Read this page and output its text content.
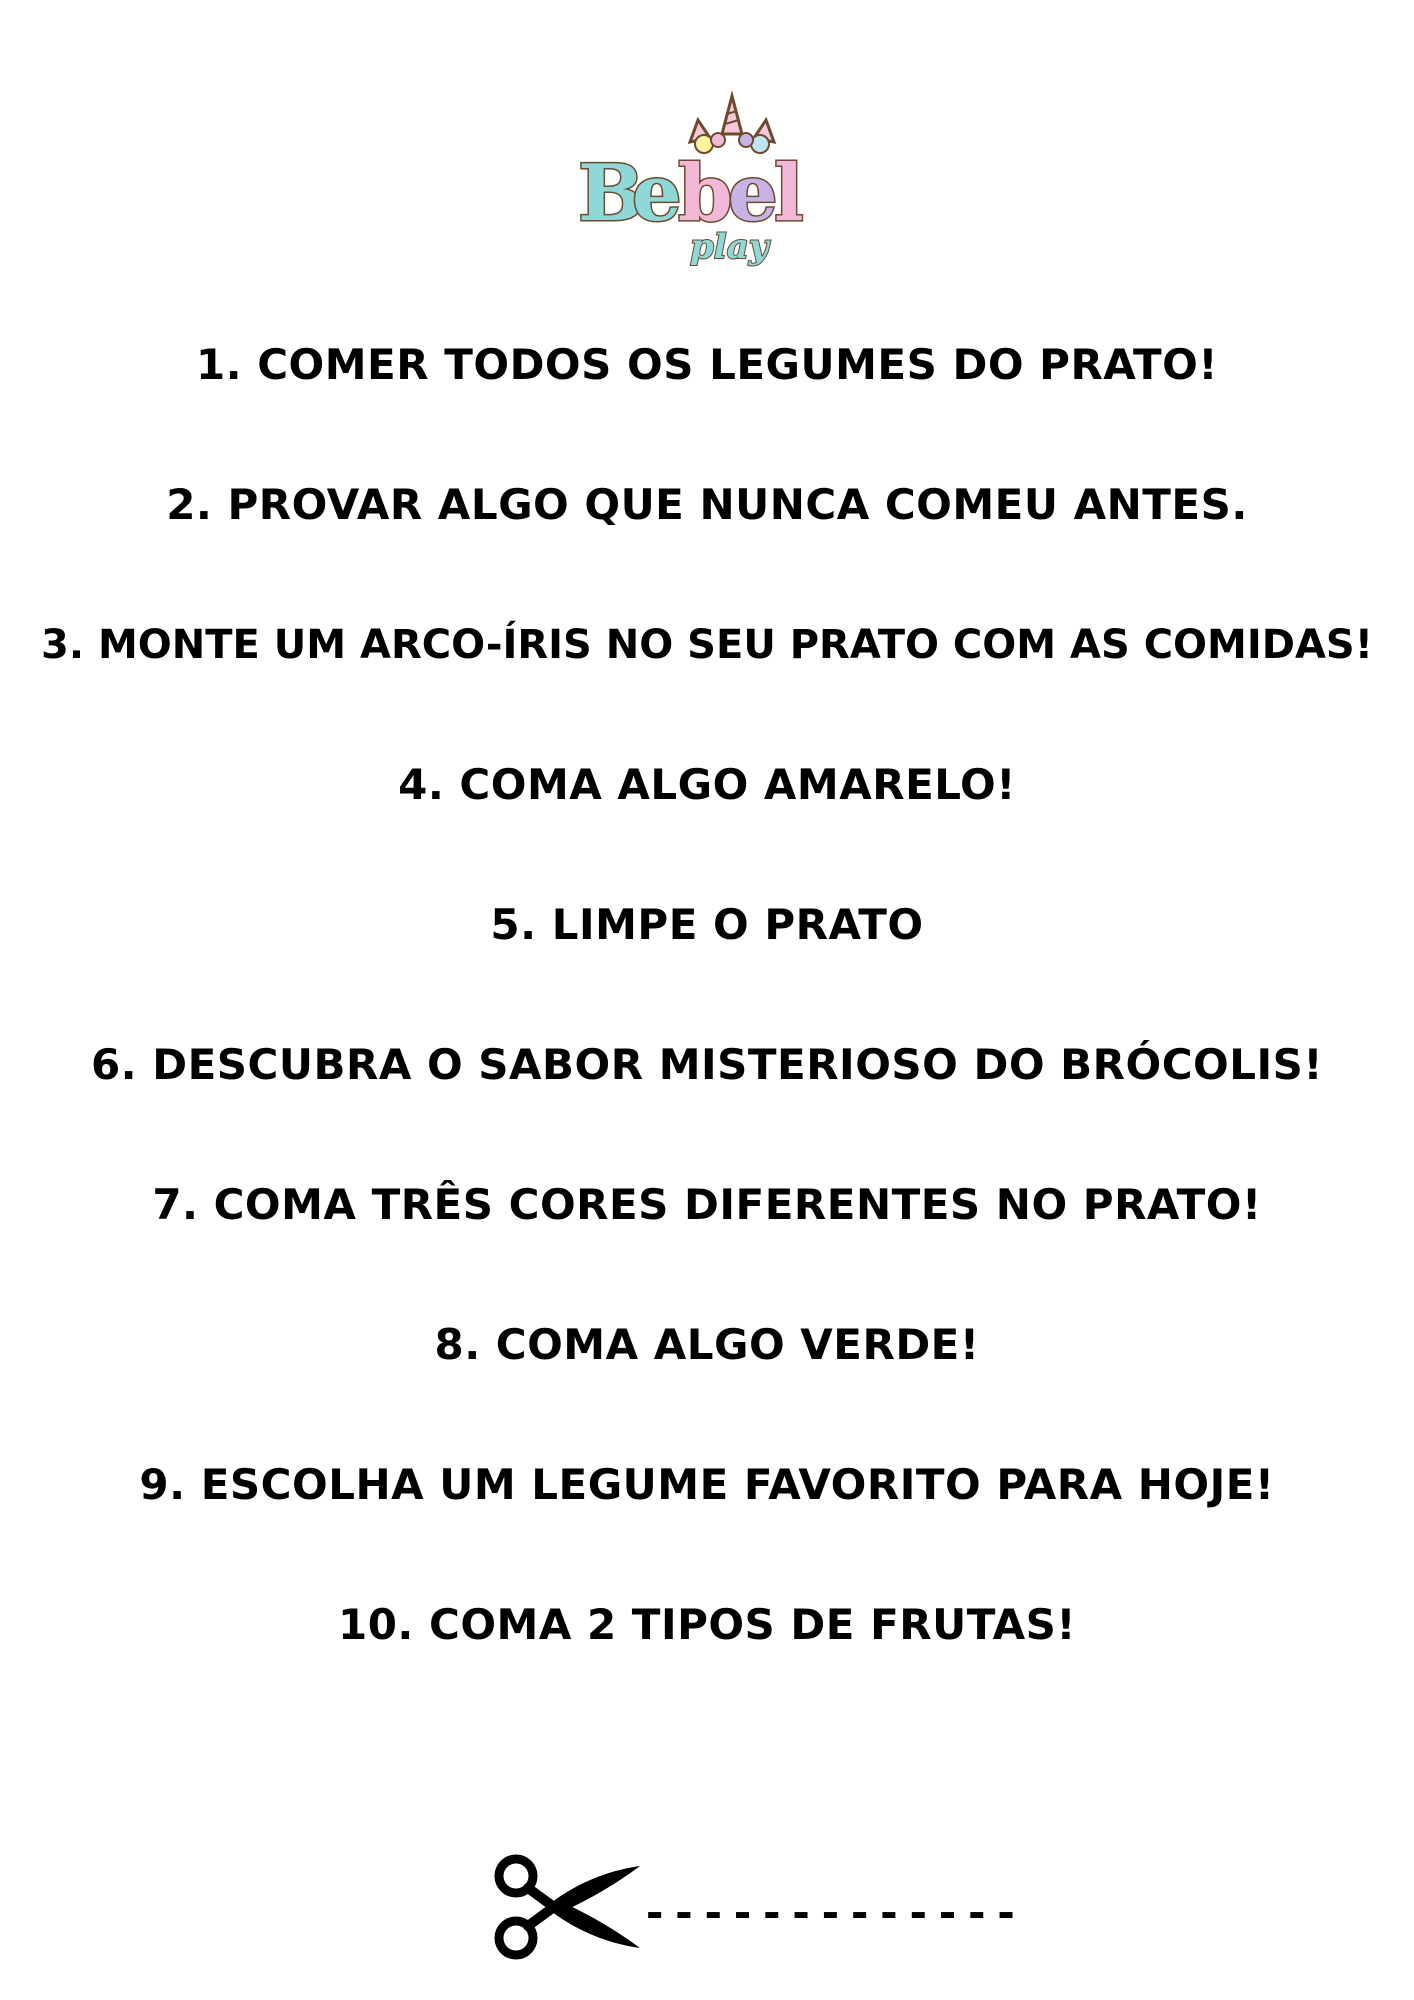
B
e
b
e
l
play
1. COMER TODOS OS LEGUMES DO PRATO!
2. PROVAR ALGO QUE NUNCA COMEU ANTES.
3. MONTE UM ARCO-ÍRIS NO SEU PRATO COM AS COMIDAS!
4. COMA ALGO AMARELO!
5. LIMPE O PRATO
6. DESCUBRA O SABOR MISTERIOSO DO BRÓCOLIS!
7. COMA TRÊS CORES DIFERENTES NO PRATO!
8. COMA ALGO VERDE!
9. ESCOLHA UM LEGUME FAVORITO PARA HOJE!
10. COMA 2 TIPOS DE FRUTAS!
-------------
